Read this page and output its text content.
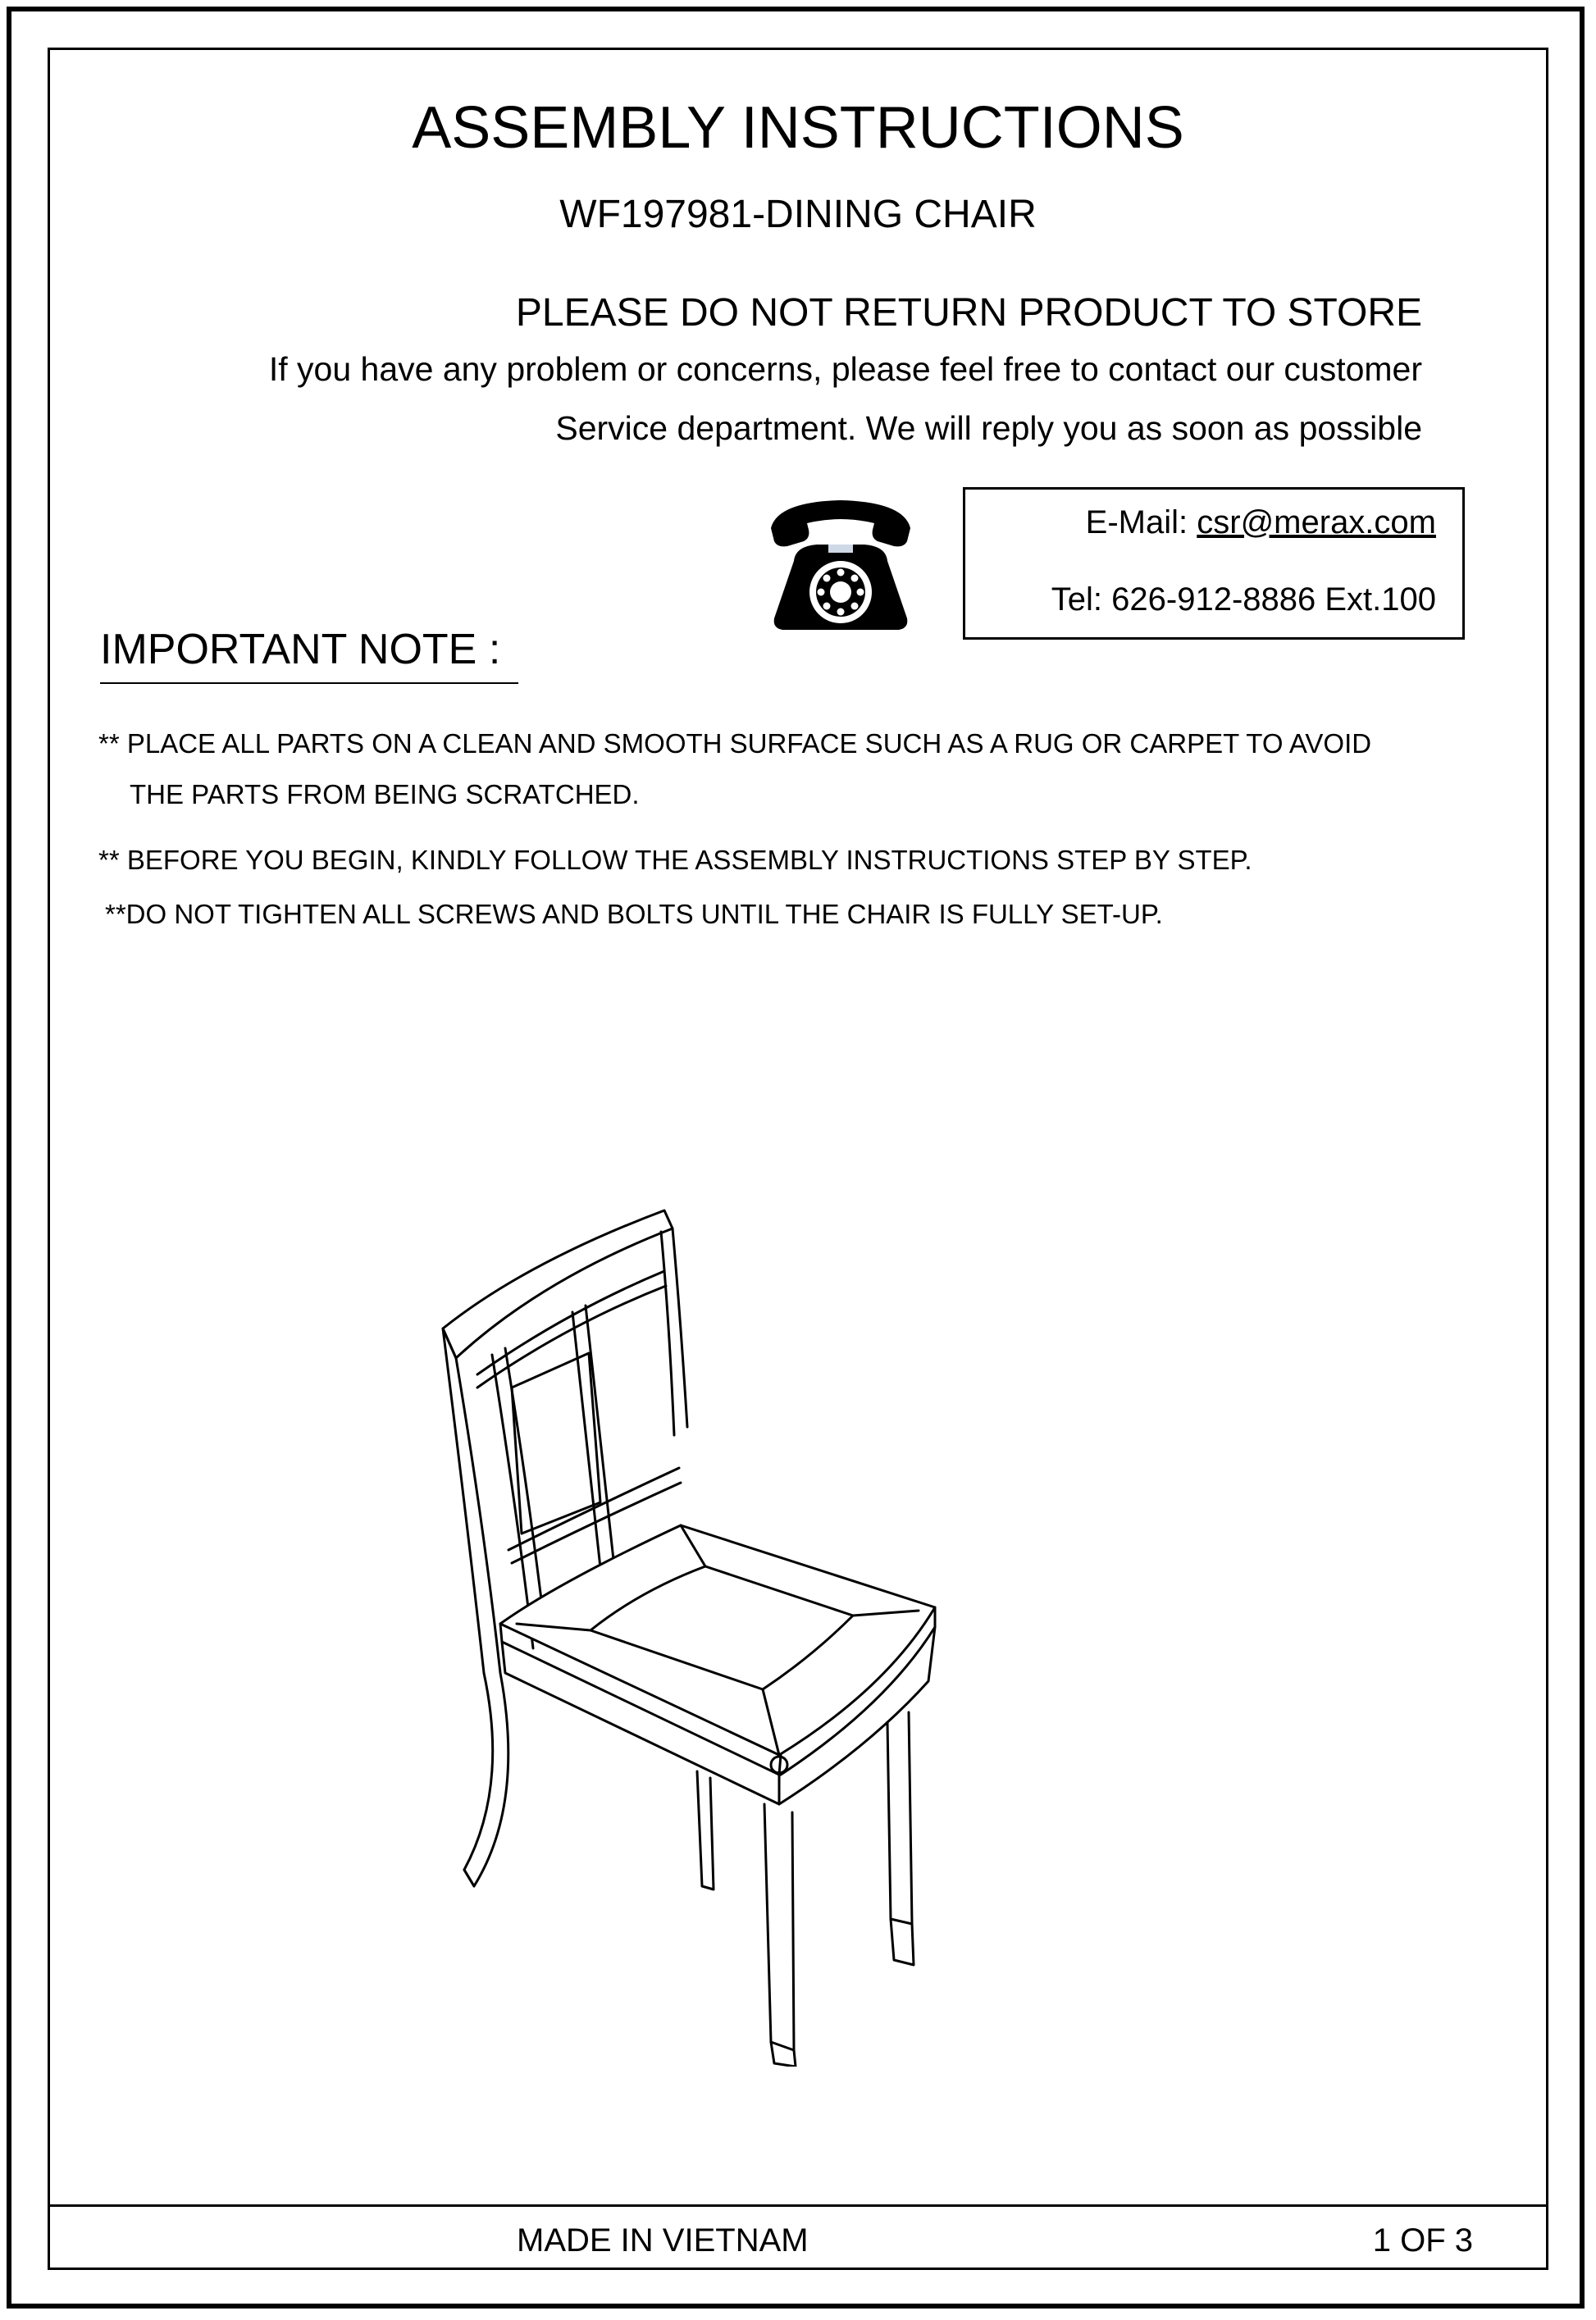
ASSEMBLY INSTRUCTIONS
WF197981-DINING CHAIR
PLEASE DO NOT RETURN PRODUCT TO STORE
If you have any problem or concerns, please feel free to contact our customer
Service department. We will reply you as soon as possible
E-Mail: csr@merax.com
Tel: 626-912-8886 Ext.100
IMPORTANT NOTE :
** PLACE ALL PARTS ON A CLEAN AND SMOOTH SURFACE SUCH AS A RUG OR CARPET TO AVOID
THE PARTS FROM BEING SCRATCHED.
** BEFORE YOU BEGIN, KINDLY FOLLOW THE ASSEMBLY INSTRUCTIONS STEP BY STEP.
**DO NOT TIGHTEN ALL SCREWS AND BOLTS UNTIL THE CHAIR IS FULLY SET-UP.
MADE IN VIETNAM	1 OF 3
